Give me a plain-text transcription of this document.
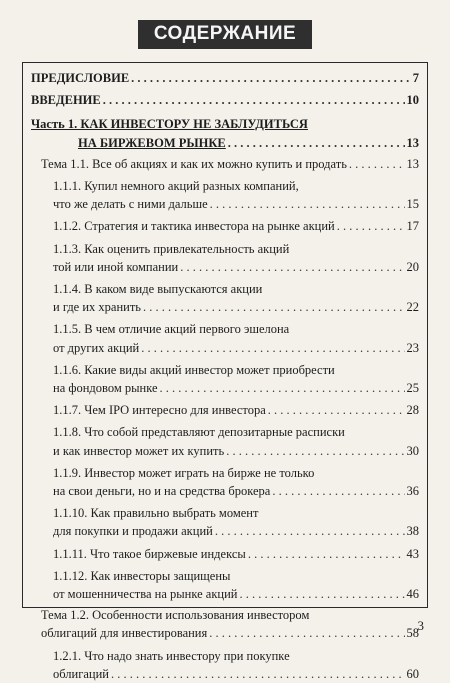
СОДЕРЖАНИЕ
ПРЕДИСЛОВИЕ . . .	7
ВВЕДЕНИЕ . . .	10
Часть 1. КАК ИНВЕСТОРУ НЕ ЗАБЛУДИТЬСЯ
НА БИРЖЕВОМ РЫНКЕ . . .	13
Тема 1.1. Все об акциях и как их можно купить и продать . . .	13
1.1.1. Купил немного акций разных компаний,
что же делать с ними дальше . . .	15
1.1.2. Стратегия и тактика инвестора на рынке акций . . .	17
1.1.3. Как оценить привлекательность акций
той или иной компании . . .	20
1.1.4. В каком виде выпускаются акции
и где их хранить . . .	22
1.1.5. В чем отличие акций первого эшелона
от других акций . . .	23
1.1.6. Какие виды акций инвестор может приобрести
на фондовом рынке . . .	25
1.1.7. Чем IPO интересно для инвестора . . .	28
1.1.8. Что собой представляют депозитарные расписки
и как инвестор может их купить . . .	30
1.1.9. Инвестор может играть на бирже не только
на свои деньги, но и на средства брокера . . .	36
1.1.10. Как правильно выбрать момент
для покупки и продажи акций . . .	38
1.1.11. Что такое биржевые индексы . . .	43
1.1.12. Как инвесторы защищены
от мошенничества на рынке акций . . .	46
Тема 1.2. Особенности использования инвестором
облигаций для инвестирования . . .	58
1.2.1. Что надо знать инвестору при покупке
облигаций . . .	60
3
